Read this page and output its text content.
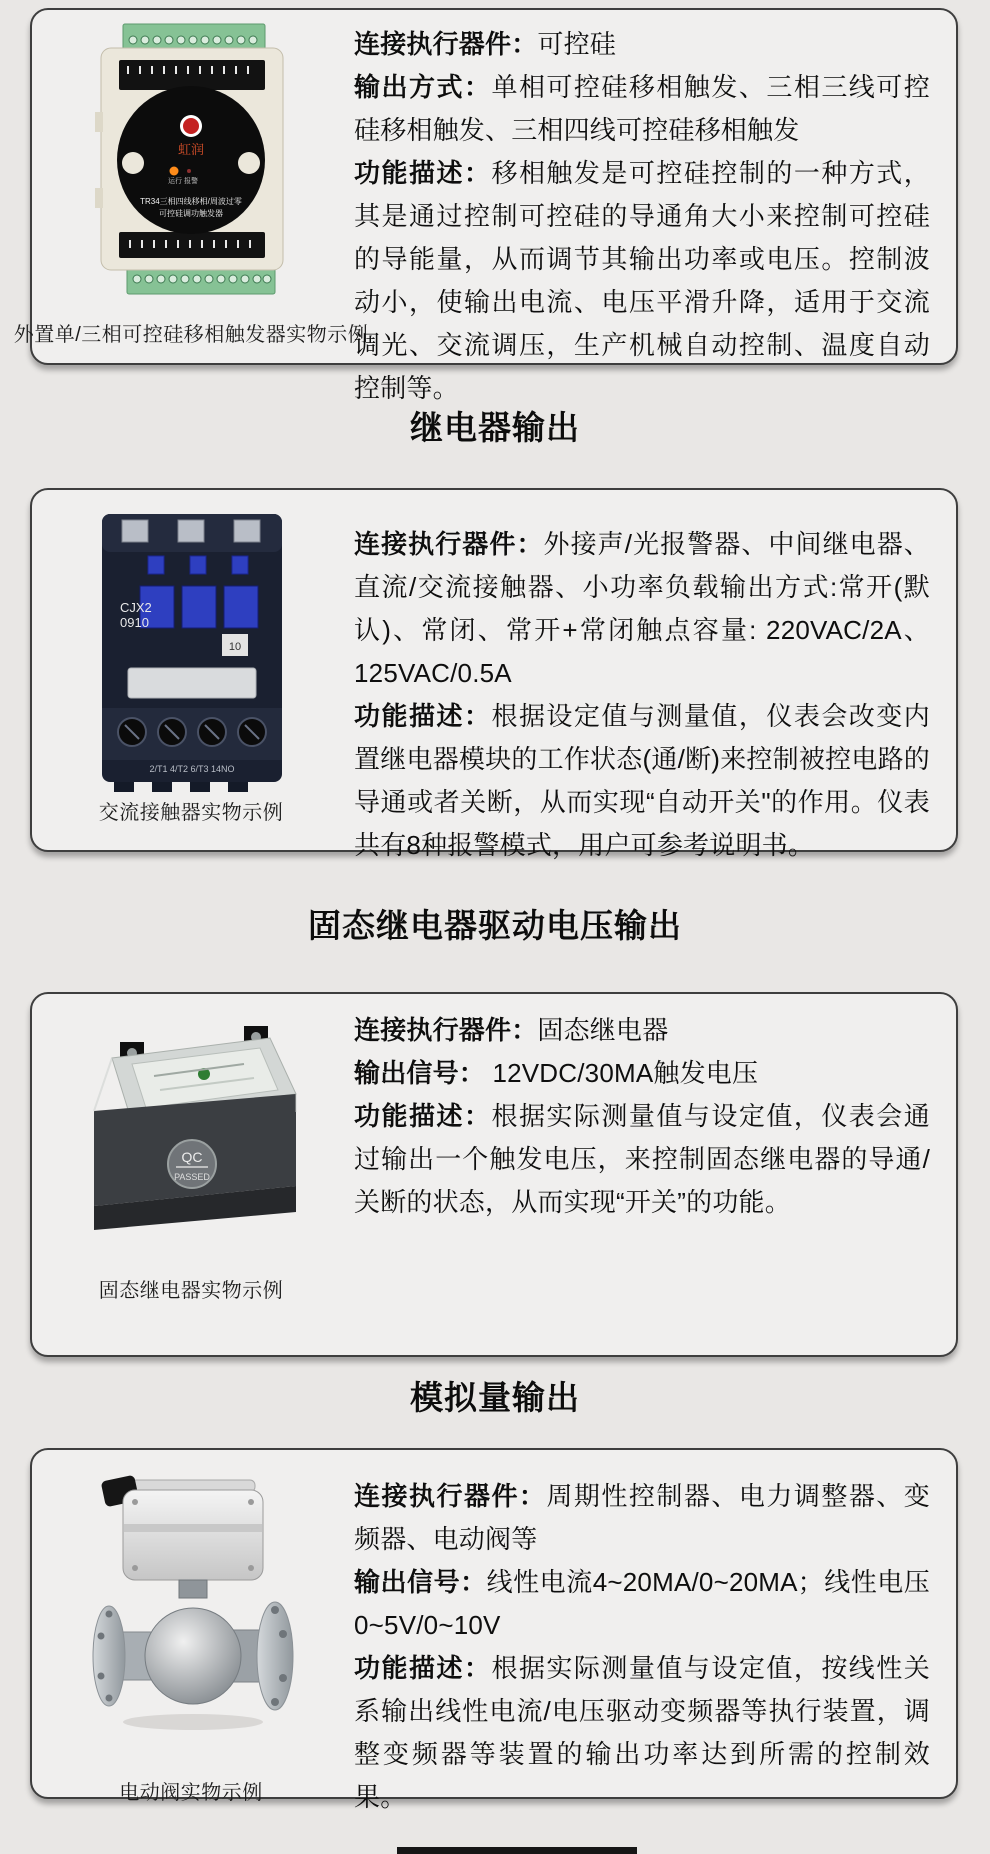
虹润
运行 报警
TR34三相四线移相/周波过零
可控硅调功触发器
外置单/三相可控硅移相触发器实物示例

连接执行器件：可控硅

输出方式：单相可控硅移相触发、三相三线可控硅移相触发、三相四线可控硅移相触发

功能描述：移相触发是可控硅控制的一种方式，其是通过控制可控硅的导通角大小来控制可控硅的导能量，从而调节其输出功率或电压。控制波动小，使输出电流、电压平滑升降，适用于交流调光、交流调压，生产机械自动控制、温度自动控制等。

继电器输出
CJX2
0910
10
2/T1 4/T2 6/T3 14NO
交流接触器实物示例

连接执行器件：外接声/光报警器、中间继电器、直流/交流接触器、小功率负载输出方式:常开(默认)、常闭、常开+常闭触点容量: 220VAC/2A、125VAC/0.5A

功能描述：根据设定值与测量值，仪表会改变内置继电器模块的工作状态(通/断)来控制被控电路的导通或者关断，从而实现“自动开关"的作用。仪表共有8种报警模式，用户可参考说明书。

固态继电器驱动电压输出
QC
PASSED
固态继电器实物示例

连接执行器件：固态继电器

输出信号： 12VDC/30MA触发电压

功能描述：根据实际测量值与设定值，仪表会通过输出一个触发电压，来控制固态继电器的导通/关断的状态，从而实现“开关”的功能。

模拟量输出
电动阀实物示例

连接执行器件：周期性控制器、电力调整器、变频器、电动阀等

输出信号：线性电流4~20MA/0~20MA；线性电压0~5V/0~10V

功能描述：根据实际测量值与设定值，按线性关系输出线性电流/电压驱动变频器等执行装置，调整变频器等装置的输出功率达到所需的控制效果。
